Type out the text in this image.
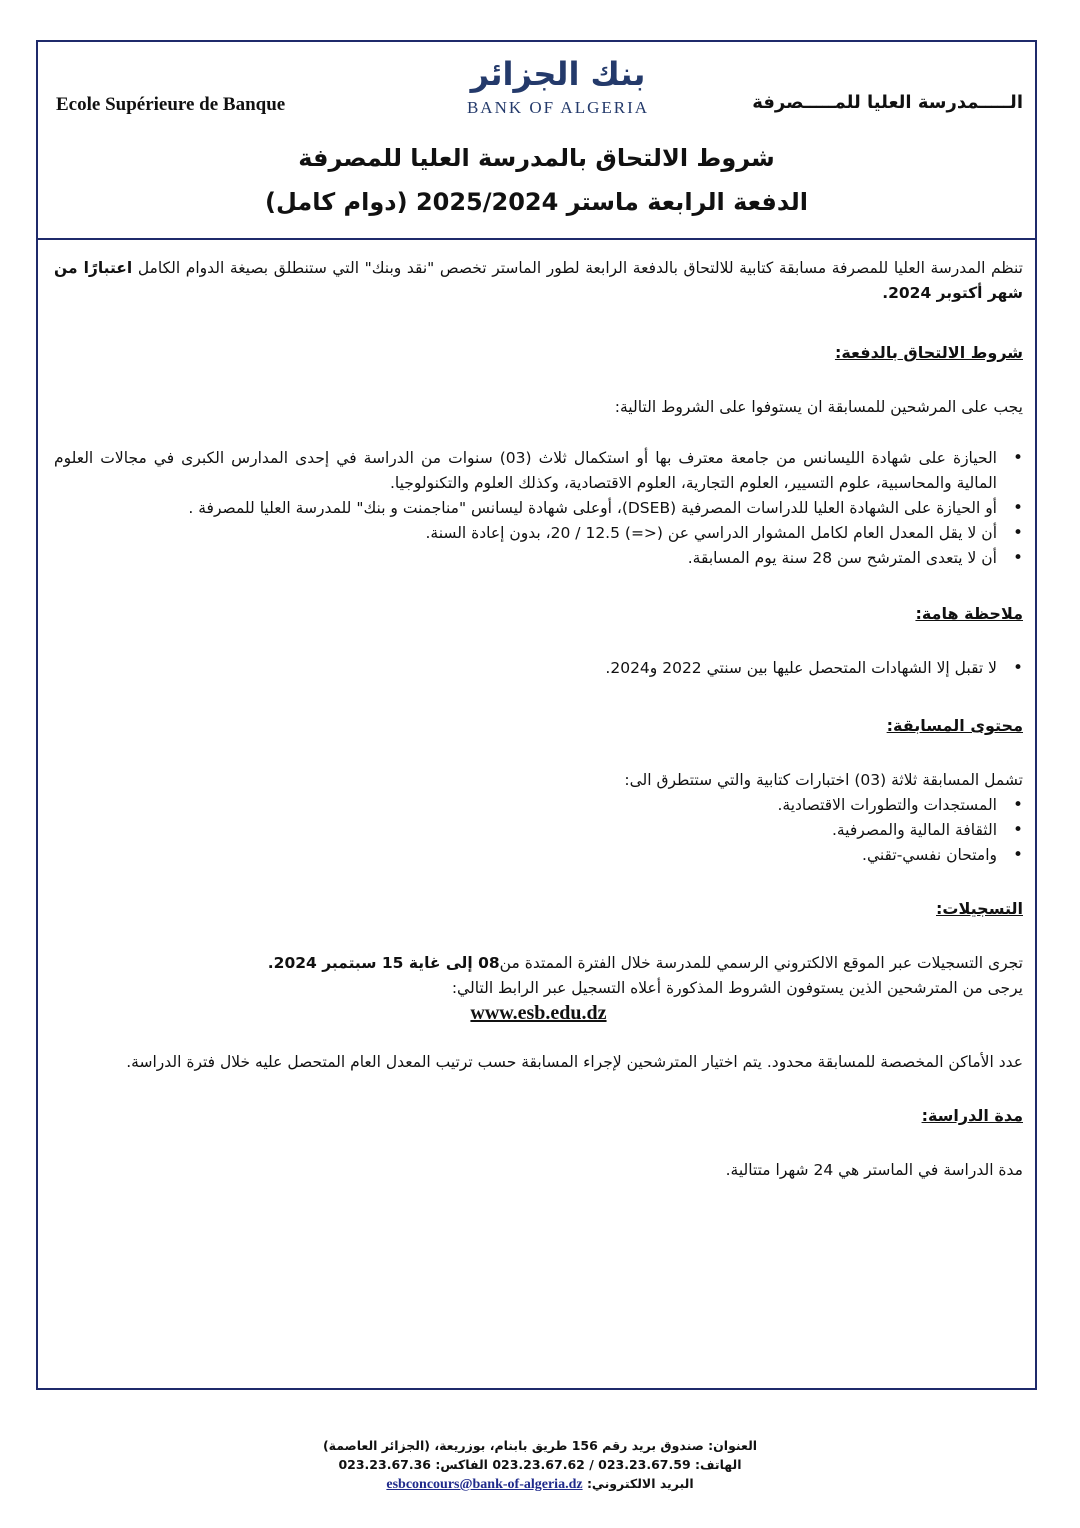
Ecole Supérieure de Banque
بنك الجزائر
BANK OF ALGERIA	الـــــمدرسة العليا للمـــــصرفة
شروط الالتحاق بالمدرسة العليا للمصرفة
الدفعة الرابعة ماستر 2025/2024 (دوام كامل)

تنظم المدرسة العليا للمصرفة مسابقة كتابية للالتحاق بالدفعة الرابعة لطور الماستر تخصص "نقد وبنك" التي ستنطلق بصيغة الدوام الكامل اعتبارًا من شهر أكتوبر 2024.

شروط الالتحاق بالدفعة:

يجب على المرشحين للمسابقة ان يستوفوا على الشروط التالية:

• الحيازة على شهادة الليسانس من جامعة معترف بها أو استكمال ثلاث (03) سنوات من الدراسة في إحدى المدارس الكبرى في مجالات العلوم المالية والمحاسبية، علوم التسيير، العلوم التجارية، العلوم الاقتصادية، وكذلك العلوم والتكنولوجيا.
• أو الحيازة على الشهادة العليا للدراسات المصرفية (DSEB)، أوعلى شهادة ليسانس "مناجمنت و بنك" للمدرسة العليا للمصرفة .
• أن لا يقل المعدل العام لكامل المشوار الدراسي عن (<=) 12.5 / 20، بدون إعادة السنة.
• أن لا يتعدى المترشح سن 28 سنة يوم المسابقة.

ملاحظة هامة:

• لا تقبل إلا الشهادات المتحصل عليها بين سنتي 2022 و2024.

محتوى المسابقة:

تشمل المسابقة ثلاثة (03) اختبارات كتابية والتي ستتطرق الى:

• المستجدات والتطورات الاقتصادية.
• الثقافة المالية والمصرفية.
• وامتحان نفسي-تقني.

التسجيلات:

تجرى التسجيلات عبر الموقع الالكتروني الرسمي للمدرسة خلال الفترة الممتدة من08 إلى غاية 15 سبتمبر 2024.

يرجى من المترشحين الذين يستوفون الشروط المذكورة أعلاه التسجيل عبر الرابط التالي:

www.esb.edu.dz

عدد الأماكن المخصصة للمسابقة محدود. يتم اختيار المترشحين لإجراء المسابقة حسب ترتيب المعدل العام المتحصل عليه خلال فترة الدراسة.

مدة الدراسة:

مدة الدراسة في الماستر هي 24 شهرا متتالية.

العنوان: صندوق بريد رقم 156 طريق بابنام، بوزريعة، (الجزائر العاصمة)
الهاتف: 023.23.67.59 / 023.23.67.62 الفاكس: 023.23.67.36
البريد الالكتروني: esbconcours@bank-of-algeria.dz
